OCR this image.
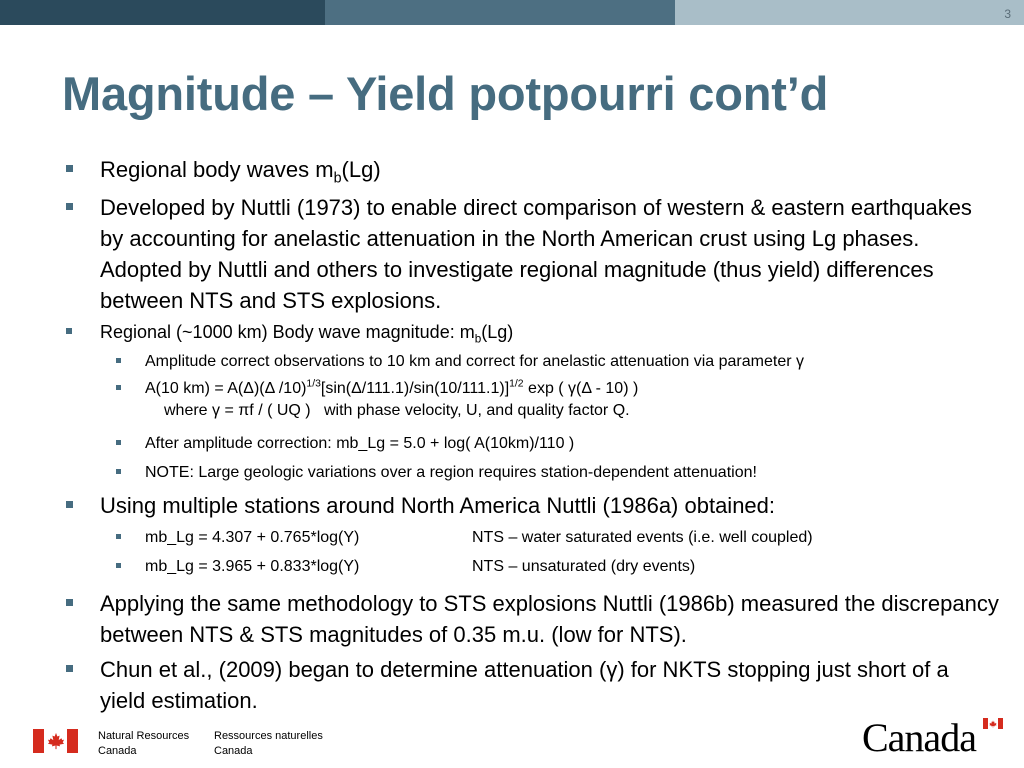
3
Magnitude – Yield potpourri cont’d
Regional body waves $m_b(Lg)$
Developed by Nuttli (1973) to enable direct comparison of western & eastern earthquakes by accounting for anelastic attenuation in the North American crust using Lg phases. Adopted by Nuttli and others to investigate regional magnitude (thus yield) differences between NTS and STS explosions.
Regional (~1000 km) Body wave magnitude: $m_b(Lg)$
Amplitude correct observations to 10 km and correct for anelastic attenuation via parameter γ
A(10 km) = A(Δ)(Δ $/10)^{1/3}[\sin(\Delta/111.1)/\sin(10/111.1)]^{1/2}$ exp ( γ(Δ - 10) )
where γ = πf / ( UQ )   with phase velocity, U, and quality factor Q.
After amplitude correction: mb_Lg = 5.0 + log( A(10km)/110 )
NOTE: Large geologic variations over a region requires station-dependent attenuation!
Using multiple stations around North America Nuttli (1986a) obtained:
mb_Lg = 4.307 + 0.765*log(Y)	NTS – water saturated events (i.e. well coupled)
mb_Lg = 3.965 + 0.833*log(Y)	NTS – unsaturated (dry events)
Applying the same methodology to STS explosions Nuttli (1986b) measured the discrepancy between NTS & STS magnitudes of 0.35 m.u. (low for NTS).
Chun et al., (2009) began to determine attenuation (γ) for NKTS stopping just short of a yield estimation.
Natural Resources
Canada
Ressources naturelles
Canada	Canada
